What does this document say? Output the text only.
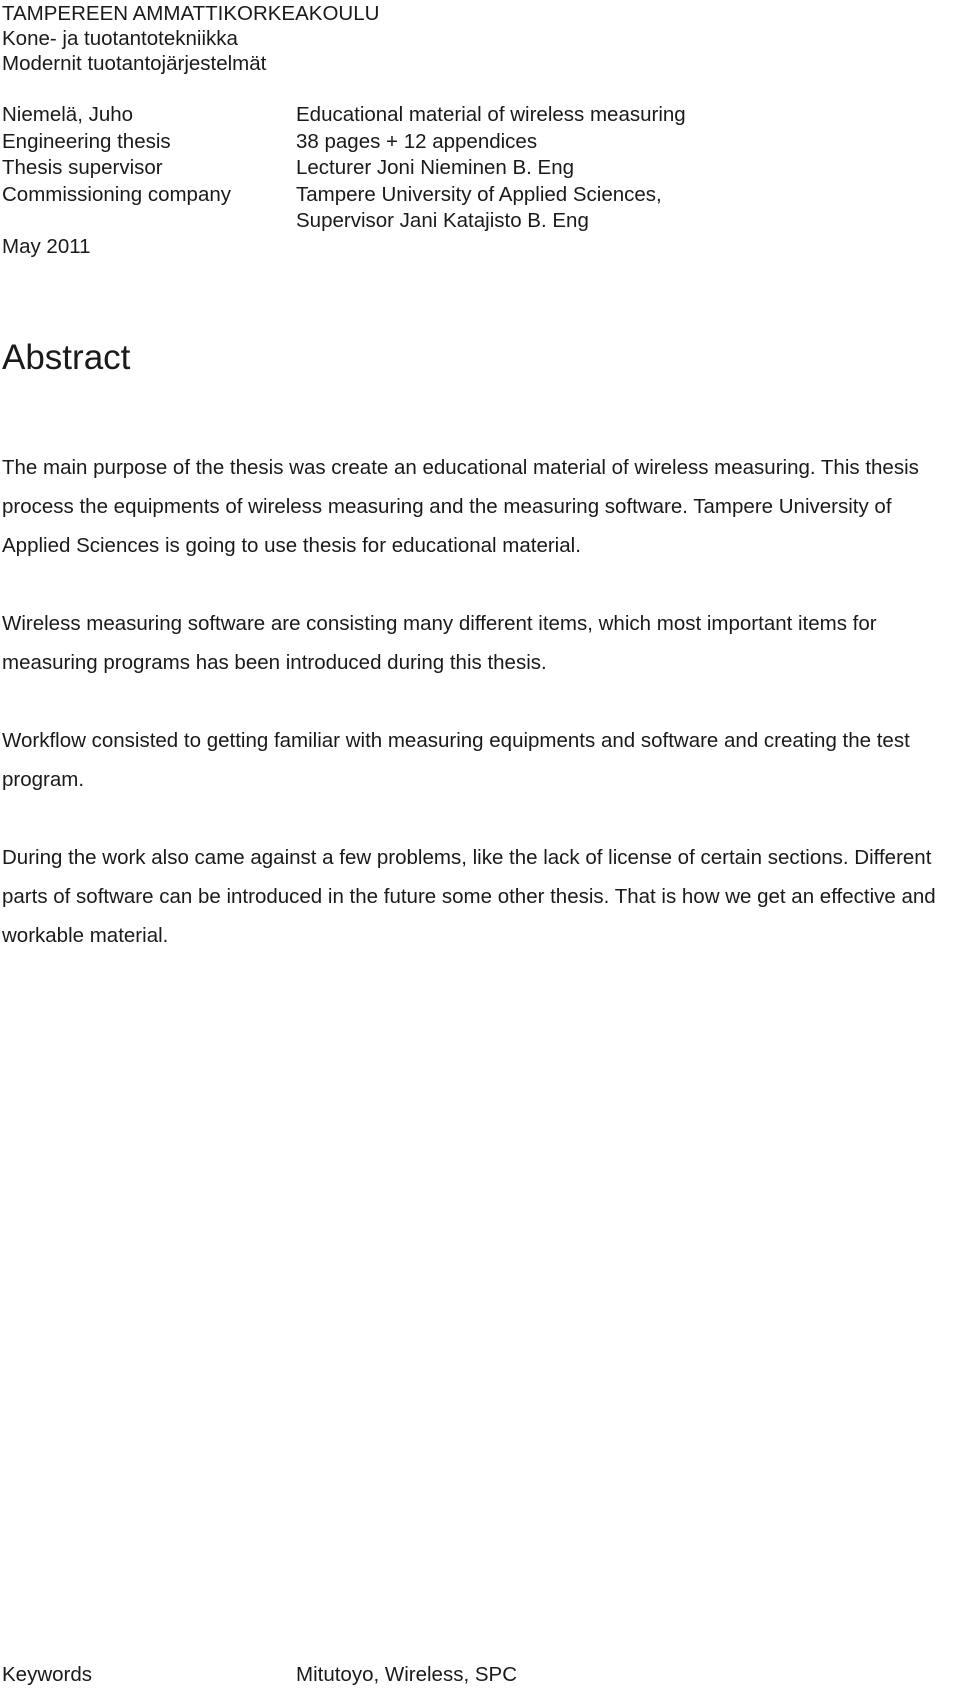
TAMPEREEN AMMATTIKORKEAKOULU
Kone- ja tuotantotekniikka
Modernit tuotantojärjestelmät
Niemelä, Juho	Educational material of wireless measuring
Engineering thesis	38 pages + 12 appendices
Thesis supervisor	Lecturer Joni Nieminen B. Eng
Commissioning company	Tampere University of Applied Sciences,
Supervisor Jani Katajisto B. Eng
May 2011
Abstract

The main purpose of the thesis was create an educational material of wireless measuring. This thesis process the equipments of wireless measuring and the measuring software. Tampere University of Applied Sciences is going to use thesis for educational material.

Wireless measuring software are consisting many different items, which most important items for measuring programs has been introduced during this thesis.

Workflow consisted to getting familiar with measuring equipments and software and creating the test program.

During the work also came against a few problems, like the lack of license of certain sections. Different parts of software can be introduced in the future some other thesis. That is how we get an effective and workable material.

Keywords	Mitutoyo, Wireless, SPC
